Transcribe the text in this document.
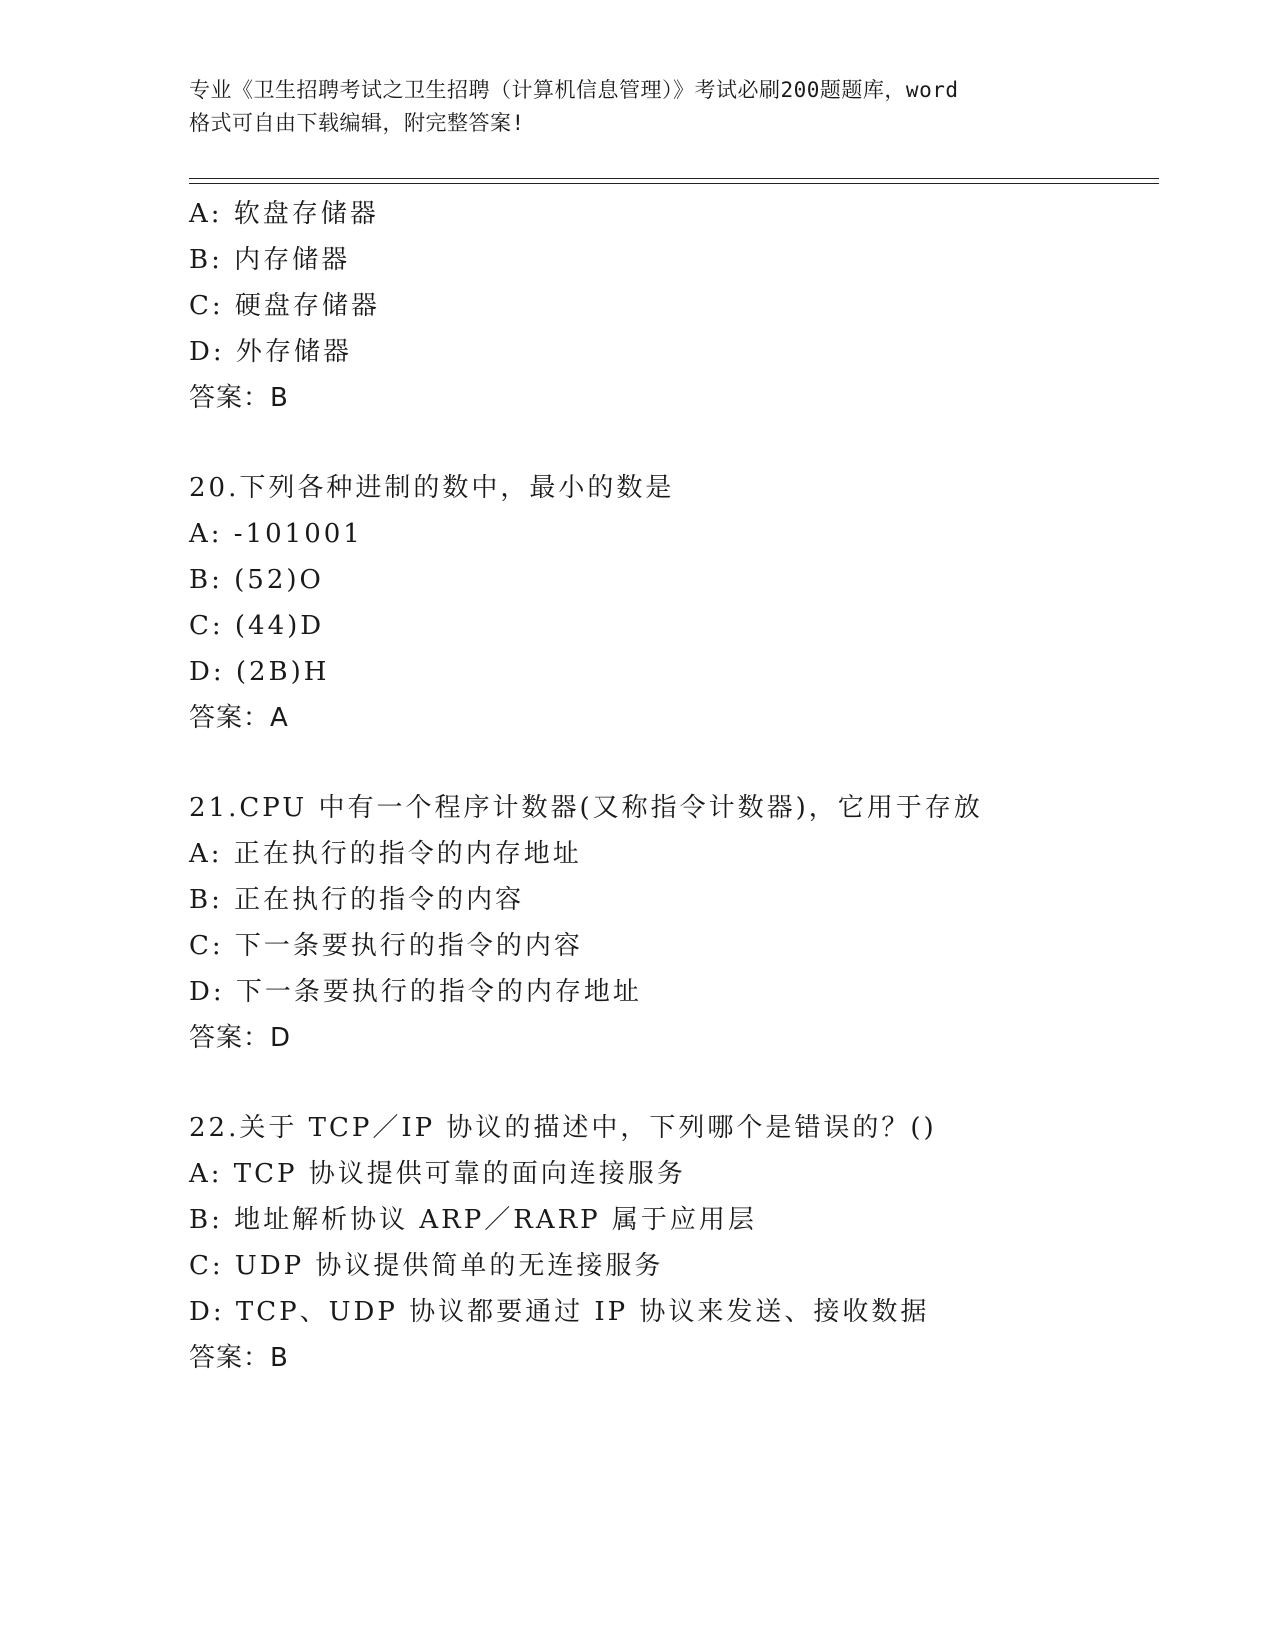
专业《卫生招聘考试之卫生招聘（计算机信息管理）》考试必刷200题题库，word
格式可自由下载编辑，附完整答案!
A: 软盘存储器
B: 内存储器
C: 硬盘存储器
D: 外存储器
答案：B
20.下列各种进制的数中，最小的数是
A: -101001
B: (52)O
C: (44)D
D: (2B)H
答案：A
21.CPU 中有一个程序计数器(又称指令计数器)，它用于存放
A: 正在执行的指令的内存地址
B: 正在执行的指令的内容
C: 下一条要执行的指令的内容
D: 下一条要执行的指令的内存地址
答案：D
22.关于 TCP／IP 协议的描述中，下列哪个是错误的？()
A: TCP 协议提供可靠的面向连接服务
B: 地址解析协议 ARP／RARP 属于应用层
C: UDP 协议提供简单的无连接服务
D: TCP、UDP 协议都要通过 IP 协议来发送、接收数据
答案：B
